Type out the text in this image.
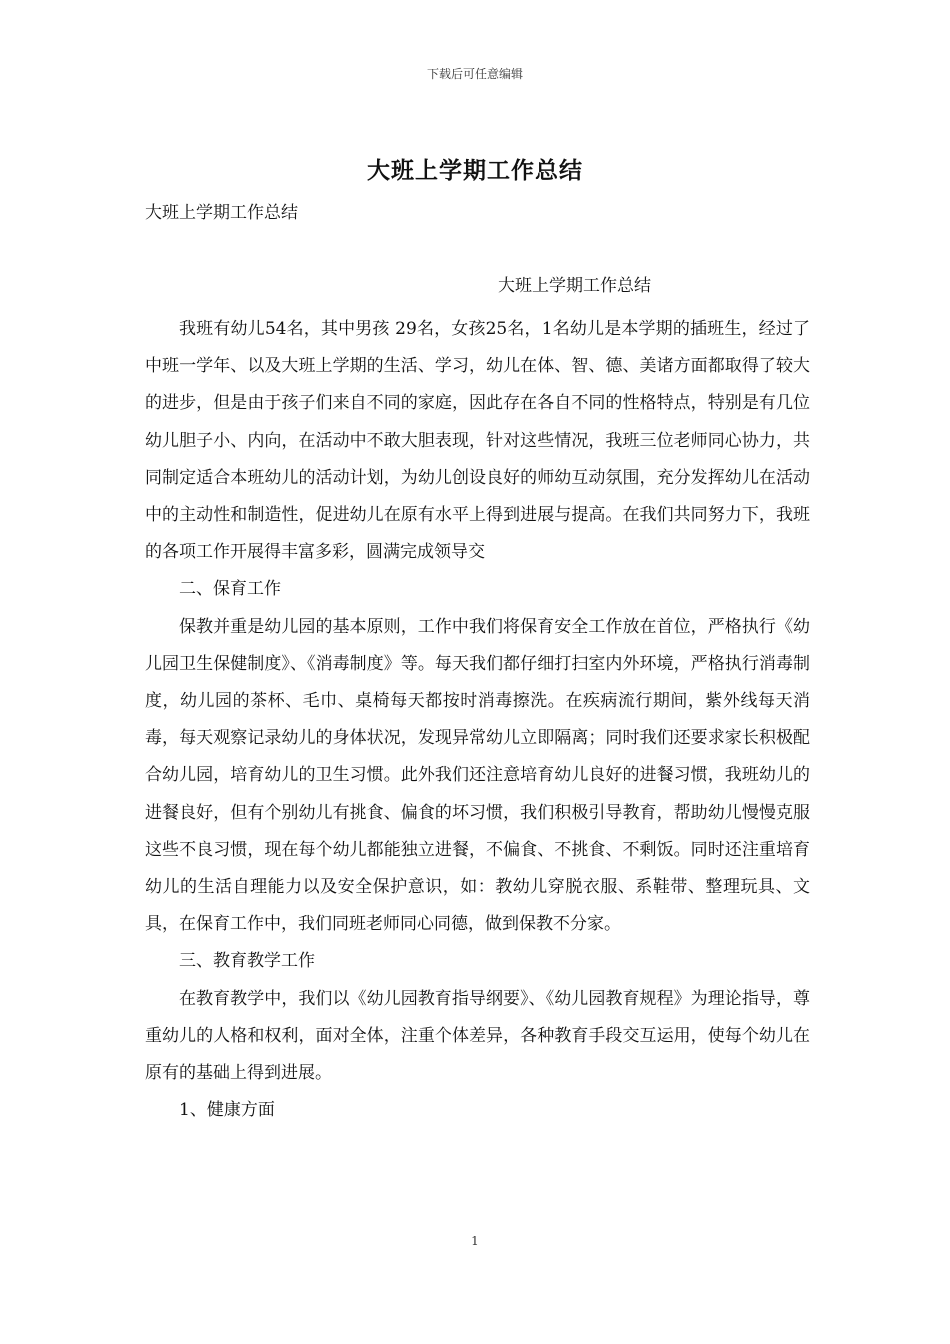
下载后可任意编辑
大班上学期工作总结
大班上学期工作总结
大班上学期工作总结

我班有幼儿54名，其中男孩 29名，女孩25名，1名幼儿是本学期的插班生，经过了中班一学年、以及大班上学期的生活、学习，幼儿在体、智、德、美诸方面都取得了较大的进步，但是由于孩子们来自不同的家庭，因此存在各自不同的性格特点，特别是有几位幼儿胆子小、内向，在活动中不敢大胆表现，针对这些情况，我班三位老师同心协力，共同制定适合本班幼儿的活动计划，为幼儿创设良好的师幼互动氛围，充分发挥幼儿在活动中的主动性和制造性，促进幼儿在原有水平上得到进展与提高。在我们共同努力下，我班的各项工作开展得丰富多彩，圆满完成领导交

二、保育工作

保教并重是幼儿园的基本原则，工作中我们将保育安全工作放在首位，严格执行《幼儿园卫生保健制度》、《消毒制度》等。每天我们都仔细打扫室内外环境，严格执行消毒制度，幼儿园的茶杯、毛巾、桌椅每天都按时消毒擦洗。在疾病流行期间，紫外线每天消毒，每天观察记录幼儿的身体状况，发现异常幼儿立即隔离；同时我们还要求家长积极配合幼儿园，培育幼儿的卫生习惯。此外我们还注意培育幼儿良好的进餐习惯，我班幼儿的进餐良好，但有个别幼儿有挑食、偏食的坏习惯，我们积极引导教育，帮助幼儿慢慢克服这些不良习惯，现在每个幼儿都能独立进餐，不偏食、不挑食、不剩饭。同时还注重培育幼儿的生活自理能力以及安全保护意识，如：教幼儿穿脱衣服、系鞋带、整理玩具、文具，在保育工作中，我们同班老师同心同德，做到保教不分家。

三、教育教学工作

在教育教学中，我们以《幼儿园教育指导纲要》、《幼儿园教育规程》为理论指导，尊重幼儿的人格和权利，面对全体，注重个体差异，各种教育手段交互运用，使每个幼儿在原有的基础上得到进展。

1、健康方面

1
